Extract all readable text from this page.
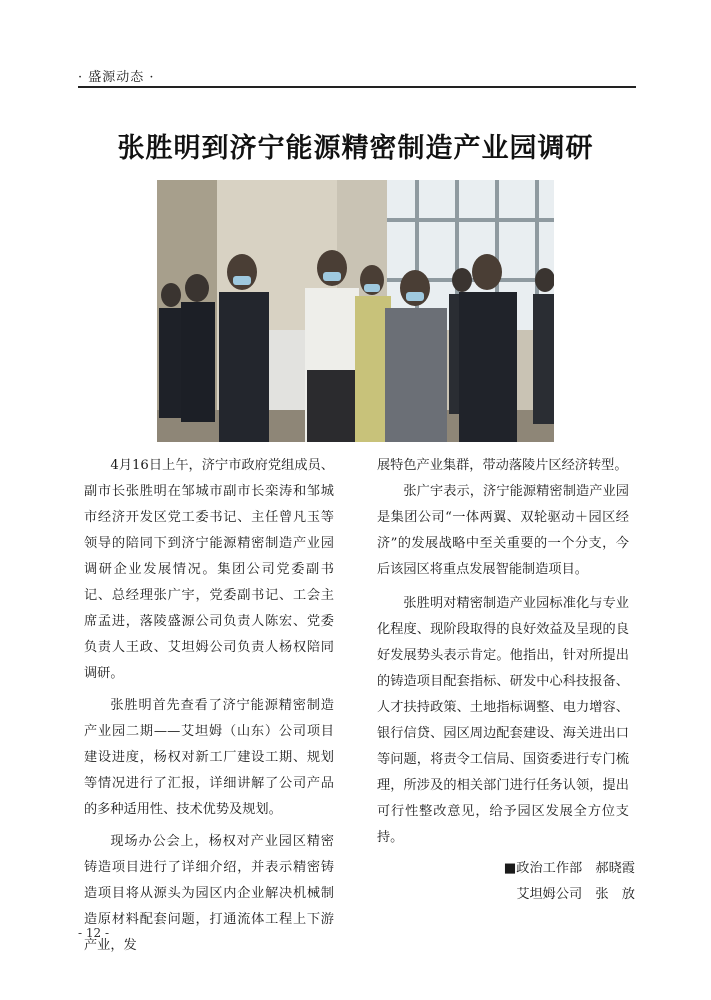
· 盛源动态 ·
张胜明到济宁能源精密制造产业园调研

4月16日上午，济宁市政府党组成员、副市长张胜明在邹城市副市长栾涛和邹城市经济开发区党工委书记、主任曾凡玉等领导的陪同下到济宁能源精密制造产业园调研企业发展情况。集团公司党委副书记、总经理张广宇，党委副书记、工会主席孟进，落陵盛源公司负责人陈宏、党委负责人王政、艾坦姆公司负责人杨权陪同调研。

张胜明首先查看了济宁能源精密制造产业园二期——艾坦姆（山东）公司项目建设进度，杨权对新工厂建设工期、规划等情况进行了汇报，详细讲解了公司产品的多种适用性、技术优势及规划。

现场办公会上，杨权对产业园区精密铸造项目进行了详细介绍，并表示精密铸造项目将从源头为园区内企业解决机械制造原材料配套问题，打通流体工程上下游产业，发

展特色产业集群，带动落陵片区经济转型。

张广宇表示，济宁能源精密制造产业园是集团公司“一体两翼、双轮驱动＋园区经济”的发展战略中至关重要的一个分支，今后该园区将重点发展智能制造项目。

张胜明对精密制造产业园标准化与专业化程度、现阶段取得的良好效益及呈现的良好发展势头表示肯定。他指出，针对所提出的铸造项目配套指标、研发中心科技报备、人才扶持政策、土地指标调整、电力增容、银行信贷、园区周边配套建设、海关进出口等问题，将责令工信局、国资委进行专门梳理，所涉及的相关部门进行任务认领，提出可行性整改意见，给予园区发展全方位支持。

■政治工作部　郝晓霞
艾坦姆公司　张　放
- 12 -
